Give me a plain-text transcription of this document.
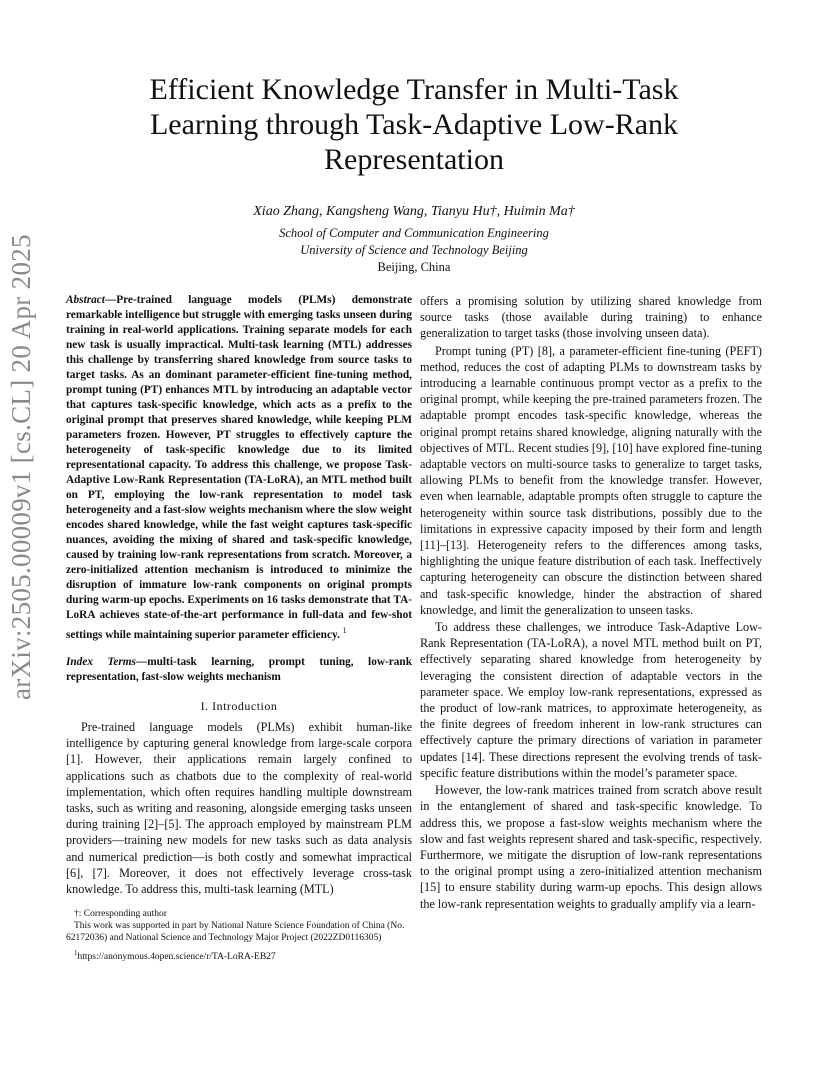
arXiv:2505.00009v1 [cs.CL] 20 Apr 2025
Efficient Knowledge Transfer in Multi-Task
Learning through Task-Adaptive Low-Rank
Representation
Xiao Zhang, Kangsheng Wang, Tianyu Hu†, Huimin Ma†
School of Computer and Communication Engineering
University of Science and Technology Beijing
Beijing, China
Abstract—Pre-trained language models (PLMs) demonstrate remarkable intelligence but struggle with emerging tasks unseen during training in real-world applications. Training separate models for each new task is usually impractical. Multi-task learning (MTL) addresses this challenge by transferring shared knowledge from source tasks to target tasks. As an dominant parameter-efficient fine-tuning method, prompt tuning (PT) enhances MTL by introducing an adaptable vector that captures task-specific knowledge, which acts as a prefix to the original prompt that preserves shared knowledge, while keeping PLM parameters frozen. However, PT struggles to effectively capture the heterogeneity of task-specific knowledge due to its limited representational capacity. To address this challenge, we propose Task-Adaptive Low-Rank Representation (TA-LoRA), an MTL method built on PT, employing the low-rank representation to model task heterogeneity and a fast-slow weights mechanism where the slow weight encodes shared knowledge, while the fast weight captures task-specific nuances, avoiding the mixing of shared and task-specific knowledge, caused by training low-rank representations from scratch. Moreover, a zero-initialized attention mechanism is introduced to minimize the disruption of immature low-rank components on original prompts during warm-up epochs. Experiments on 16 tasks demonstrate that TA-LoRA achieves state-of-the-art performance in full-data and few-shot settings while maintaining superior parameter efficiency. $^1$
Index Terms—multi-task learning, prompt tuning, low-rank representation, fast-slow weights mechanism
I. Introduction

Pre-trained language models (PLMs) exhibit human-like intelligence by capturing general knowledge from large-scale corpora [1]. However, their applications remain largely confined to applications such as chatbots due to the complexity of real-world implementation, which often requires handling multiple downstream tasks, such as writing and reasoning, alongside emerging tasks unseen during training [2]–[5]. The approach employed by mainstream PLM providers—training new models for new tasks such as data analysis and numerical prediction—is both costly and somewhat impractical [6], [7]. Moreover, it does not effectively leverage cross-task knowledge. To address this, multi-task learning (MTL)

offers a promising solution by utilizing shared knowledge from source tasks (those available during training) to enhance generalization to target tasks (those involving unseen data).

Prompt tuning (PT) [8], a parameter-efficient fine-tuning (PEFT) method, reduces the cost of adapting PLMs to downstream tasks by introducing a learnable continuous prompt vector as a prefix to the original prompt, while keeping the pre-trained parameters frozen. The adaptable prompt encodes task-specific knowledge, whereas the original prompt retains shared knowledge, aligning naturally with the objectives of MTL. Recent studies [9], [10] have explored fine-tuning adaptable vectors on multi-source tasks to generalize to target tasks, allowing PLMs to benefit from the knowledge transfer. However, even when learnable, adaptable prompts often struggle to capture the heterogeneity within source task distributions, possibly due to the limitations in expressive capacity imposed by their form and length [11]–[13]. Heterogeneity refers to the differences among tasks, highlighting the unique feature distribution of each task. Ineffectively capturing heterogeneity can obscure the distinction between shared and task-specific knowledge, hinder the abstraction of shared knowledge, and limit the generalization to unseen tasks.

To address these challenges, we introduce Task-Adaptive Low-Rank Representation (TA-LoRA), a novel MTL method built on PT, effectively separating shared knowledge from heterogeneity by leveraging the consistent direction of adaptable vectors in the parameter space. We employ low-rank representations, expressed as the product of low-rank matrices, to approximate heterogeneity, as the finite degrees of freedom inherent in low-rank structures can effectively capture the primary directions of variation in parameter updates [14]. These directions represent the evolving trends of task-specific feature distributions within the model’s parameter space.

However, the low-rank matrices trained from scratch above result in the entanglement of shared and task-specific knowledge. To address this, we propose a fast-slow weights mechanism where the slow and fast weights represent shared and task-specific, respectively. Furthermore, we mitigate the disruption of low-rank representations to the original prompt using a zero-initialized attention mechanism [15] to ensure stability during warm-up epochs. This design allows the low-rank representation weights to gradually amplify via a learn-

†: Corresponding author
This work was supported in part by National Nature Science Foundation of China (No. 62172036) and National Science and Technology Major Project (2022ZD0116305)
$^1$https://anonymous.4open.science/r/TA-LoRA-EB27
